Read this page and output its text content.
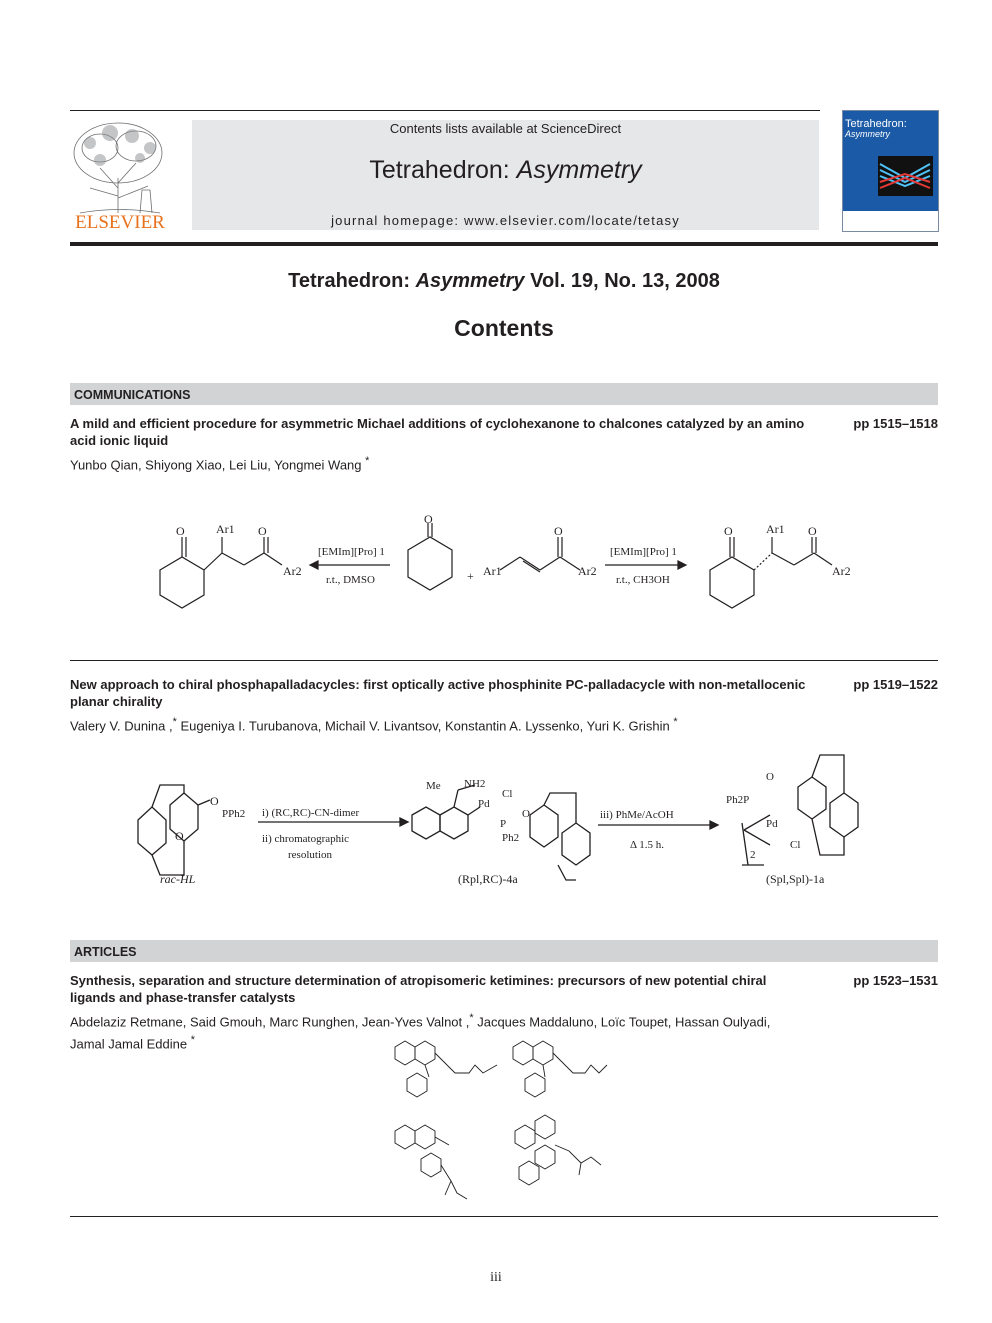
ELSEVIER
Contents lists available at ScienceDirect
Tetrahedron: Asymmetry
journal homepage: www.elsevier.com/locate/tetasy
Tetrahedron:
Asymmetry
Tetrahedron: Asymmetry Vol. 19, No. 13, 2008
Contents
COMMUNICATIONS
A mild and efficient procedure for asymmetric Michael additions of cyclohexanone to chalcones catalyzed by an amino acid ionic liquid
pp 1515–1518
Yunbo Qian, Shiyong Xiao, Lei Liu, Yongmei Wang *
O	O
Ar1
Ar2
[EMIm][Pro] 1
r.t., DMSO
O
+ Ar1
O
Ar2
[EMIm][Pro] 1
r.t., CH3OH
O	O
Ar1
Ar2
New approach to chiral phosphapalladacycles: first optically active phosphinite PC-palladacycle with non-metallocenic planar chirality
pp 1519–1522
Valery V. Dunina ,* Eugeniya I. Turubanova, Michail V. Livantsov, Konstantin A. Lyssenko, Yuri K. Grishin *
O
O
PPh2 i) (RC,RC)-CN-dimer
ii) chromatographic
resolution
Me NH2
Pd
Cl
P
Ph2
O	iii) PhMe/AcOH
Δ 1.5 h.
O
Ph2P
Pd
2
Cl
rac-HL	(Rpl,RC)-4a	(Spl,Spl)-1a
ARTICLES
Synthesis, separation and structure determination of atropisomeric ketimines: precursors of new potential chiral ligands and phase-transfer catalysts
pp 1523–1531
Abdelaziz Retmane, Said Gmouh, Marc Runghen, Jean-Yves Valnot ,* Jacques Maddaluno, Loïc Toupet, Hassan Oulyadi,
Jamal Jamal Eddine *
iii
